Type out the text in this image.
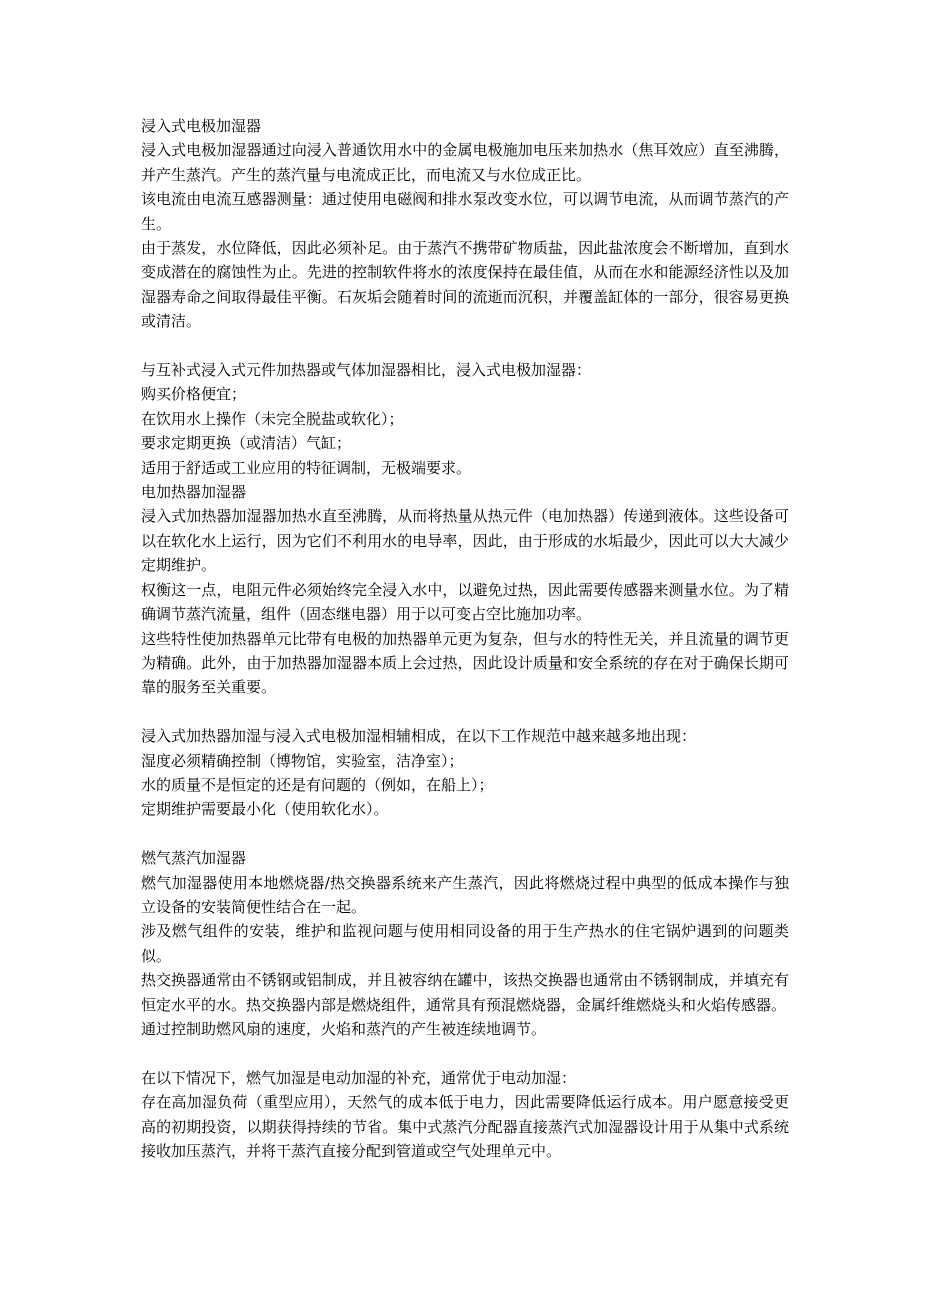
浸入式电极加湿器

浸入式电极加湿器通过向浸入普通饮用水中的金属电极施加电压来加热水（焦耳效应）直至沸腾，并产生蒸汽。产生的蒸汽量与电流成正比，而电流又与水位成正比。

该电流由电流互感器测量：通过使用电磁阀和排水泵改变水位，可以调节电流，从而调节蒸汽的产生。

由于蒸发，水位降低，因此必须补足。由于蒸汽不携带矿物质盐，因此盐浓度会不断增加，直到水变成潜在的腐蚀性为止。先进的控制软件将水的浓度保持在最佳值，从而在水和能源经济性以及加湿器寿命之间取得最佳平衡。石灰垢会随着时间的流逝而沉积，并覆盖缸体的一部分，很容易更换或清洁。

与互补式浸入式元件加热器或气体加湿器相比，浸入式电极加湿器：

购买价格便宜；

在饮用水上操作（未完全脱盐或软化）；

要求定期更换（或清洁）气缸；

适用于舒适或工业应用的特征调制，无极端要求。

电加热器加湿器

浸入式加热器加湿器加热水直至沸腾，从而将热量从热元件（电加热器）传递到液体。这些设备可以在软化水上运行，因为它们不利用水的电导率，因此，由于形成的水垢最少，因此可以大大减少定期维护。

权衡这一点，电阻元件必须始终完全浸入水中，以避免过热，因此需要传感器来测量水位。为了精确调节蒸汽流量，组件（固态继电器）用于以可变占空比施加功率。

这些特性使加热器单元比带有电极的加热器单元更为复杂，但与水的特性无关，并且流量的调节更为精确。此外，由于加热器加湿器本质上会过热，因此设计质量和安全系统的存在对于确保长期可靠的服务至关重要。

浸入式加热器加湿与浸入式电极加湿相辅相成，在以下工作规范中越来越多地出现：

湿度必须精确控制（博物馆，实验室，洁净室）；

水的质量不是恒定的还是有问题的（例如，在船上）；

定期维护需要最小化（使用软化水）。

燃气蒸汽加湿器

燃气加湿器使用本地燃烧器/热交换器系统来产生蒸汽，因此将燃烧过程中典型的低成本操作与独立设备的安装简便性结合在一起。

涉及燃气组件的安装，维护和监视问题与使用相同设备的用于生产热水的住宅锅炉遇到的问题类似。

热交换器通常由不锈钢或铝制成，并且被容纳在罐中，该热交换器也通常由不锈钢制成，并填充有恒定水平的水。热交换器内部是燃烧组件，通常具有预混燃烧器，金属纤维燃烧头和火焰传感器。

通过控制助燃风扇的速度，火焰和蒸汽的产生被连续地调节。

在以下情况下，燃气加湿是电动加湿的补充，通常优于电动加湿：

存在高加湿负荷（重型应用），天然气的成本低于电力，因此需要降低运行成本。用户愿意接受更高的初期投资，以期获得持续的节省。集中式蒸汽分配器直接蒸汽式加湿器设计用于从集中式系统接收加压蒸汽，并将干蒸汽直接分配到管道或空气处理单元中。
